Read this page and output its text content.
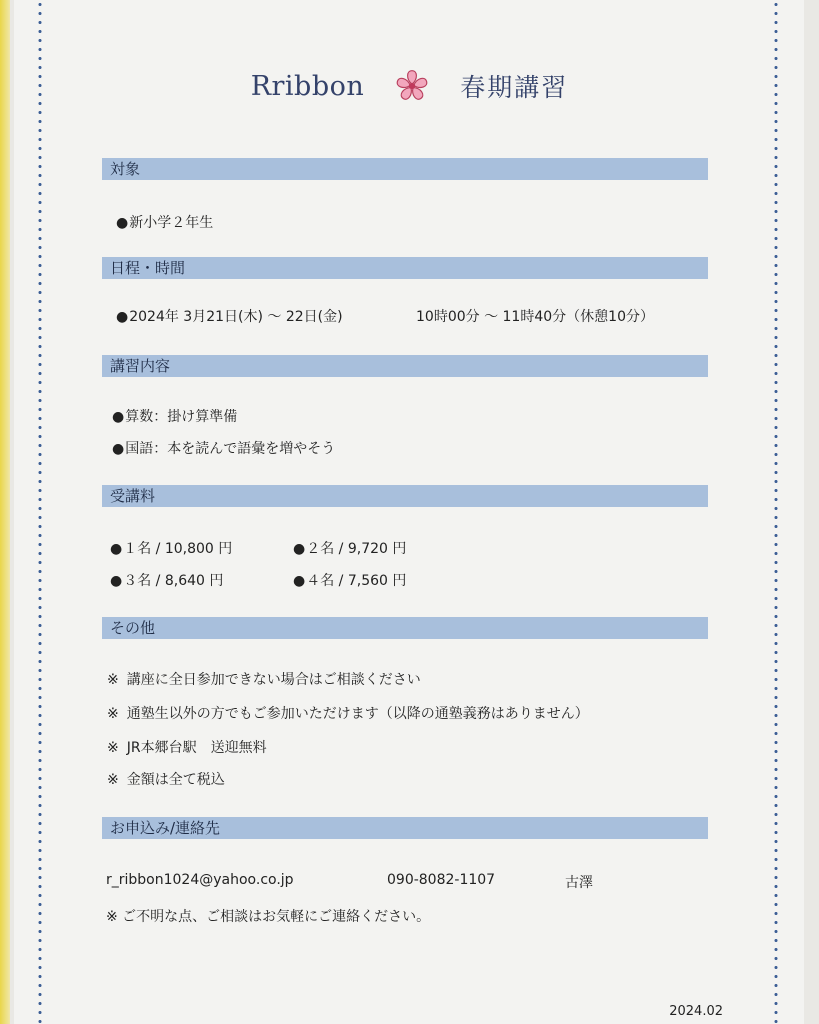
Rribbon	春期講習
対象
● 新小学２年生
日程・時間
● 2024年 3月21日(木) ～ 22日(金)	10時00分 ～ 11時40分（休憩10分）
講習内容
● 算数：掛け算準備
● 国語：本を読んで語彙を増やそう
受講料
● １名 / 10,800 円	● ２名 / 9,720 円
● ３名 / 8,640 円	● ４名 / 7,560 円
その他
※ 講座に全日参加できない場合はご相談ください
※ 通塾生以外の方でもご参加いただけます（以降の通塾義務はありません）
※ JR本郷台駅　送迎無料
※ 金額は全て税込
お申込み/連絡先
r_ribbon1024@yahoo.co.jp	090-8082-1107	古澤
※ ご不明な点、ご相談はお気軽にご連絡ください。
2024.02
